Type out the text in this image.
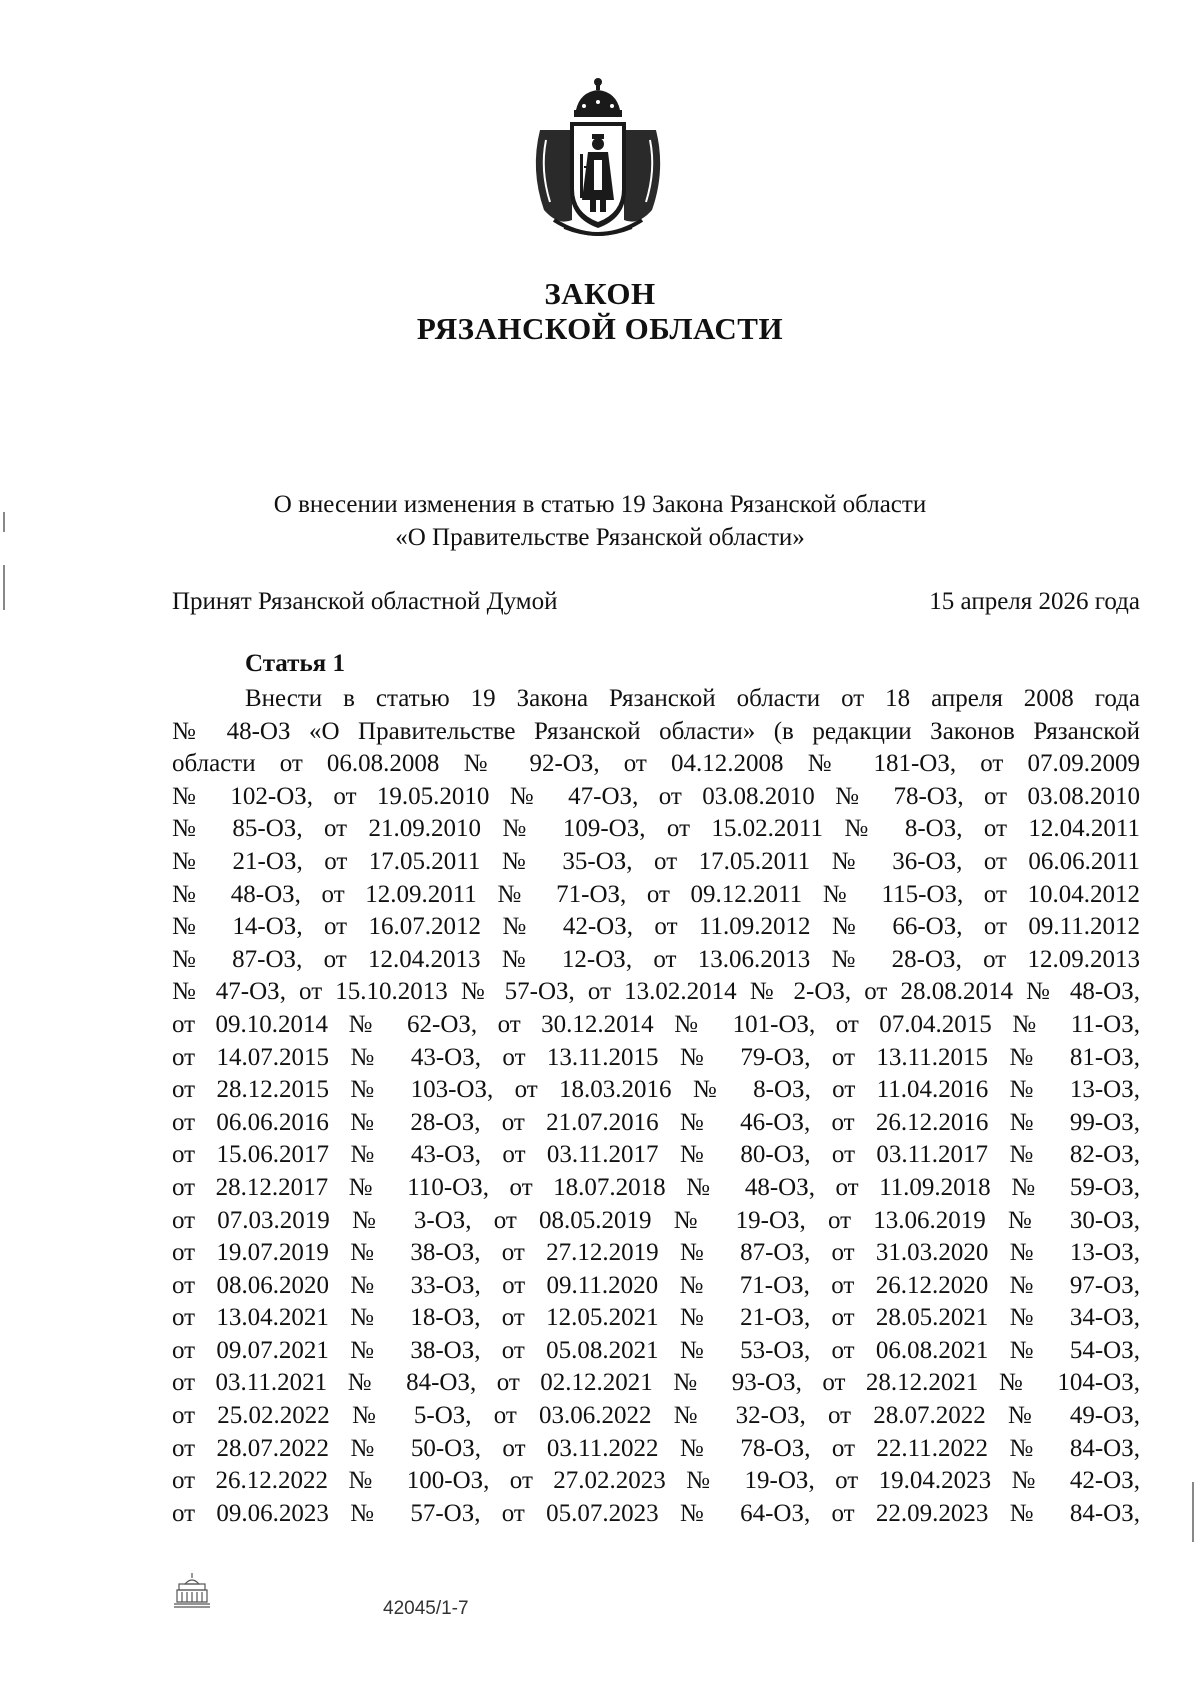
ЗАКОН
РЯЗАНСКОЙ ОБЛАСТИ
О внесении изменения в статью 19 Закона Рязанской области
«О Правительстве Рязанской области»
Принят Рязанской областной Думой	15 апреля 2026 года
Статья 1
Внести в статью 19 Закона Рязанской области от 18 апреля 2008 года
№ 48-ОЗ «О Правительстве Рязанской области» (в редакции Законов Рязанской
области от 06.08.2008 № 92-ОЗ, от 04.12.2008 № 181-ОЗ, от 07.09.2009
№ 102-ОЗ, от 19.05.2010 № 47-ОЗ, от 03.08.2010 № 78-ОЗ, от 03.08.2010
№ 85-ОЗ, от 21.09.2010 № 109-ОЗ, от 15.02.2011 № 8-ОЗ, от 12.04.2011
№ 21-ОЗ, от 17.05.2011 № 35-ОЗ, от 17.05.2011 № 36-ОЗ, от 06.06.2011
№ 48-ОЗ, от 12.09.2011 № 71-ОЗ, от 09.12.2011 № 115-ОЗ, от 10.04.2012
№ 14-ОЗ, от 16.07.2012 № 42-ОЗ, от 11.09.2012 № 66-ОЗ, от 09.11.2012
№ 87-ОЗ, от 12.04.2013 № 12-ОЗ, от 13.06.2013 № 28-ОЗ, от 12.09.2013
№ 47-ОЗ, от 15.10.2013 № 57-ОЗ, от 13.02.2014 № 2-ОЗ, от 28.08.2014 № 48-ОЗ,
от 09.10.2014 № 62-ОЗ, от 30.12.2014 № 101-ОЗ, от 07.04.2015 № 11-ОЗ,
от 14.07.2015 № 43-ОЗ, от 13.11.2015 № 79-ОЗ, от 13.11.2015 № 81-ОЗ,
от 28.12.2015 № 103-ОЗ, от 18.03.2016 № 8-ОЗ, от 11.04.2016 № 13-ОЗ,
от 06.06.2016 № 28-ОЗ, от 21.07.2016 № 46-ОЗ, от 26.12.2016 № 99-ОЗ,
от 15.06.2017 № 43-ОЗ, от 03.11.2017 № 80-ОЗ, от 03.11.2017 № 82-ОЗ,
от 28.12.2017 № 110-ОЗ, от 18.07.2018 № 48-ОЗ, от 11.09.2018 № 59-ОЗ,
от 07.03.2019 № 3-ОЗ, от 08.05.2019 № 19-ОЗ, от 13.06.2019 № 30-ОЗ,
от 19.07.2019 № 38-ОЗ, от 27.12.2019 № 87-ОЗ, от 31.03.2020 № 13-ОЗ,
от 08.06.2020 № 33-ОЗ, от 09.11.2020 № 71-ОЗ, от 26.12.2020 № 97-ОЗ,
от 13.04.2021 № 18-ОЗ, от 12.05.2021 № 21-ОЗ, от 28.05.2021 № 34-ОЗ,
от 09.07.2021 № 38-ОЗ, от 05.08.2021 № 53-ОЗ, от 06.08.2021 № 54-ОЗ,
от 03.11.2021 № 84-ОЗ, от 02.12.2021 № 93-ОЗ, от 28.12.2021 № 104-ОЗ,
от 25.02.2022 № 5-ОЗ, от 03.06.2022 № 32-ОЗ, от 28.07.2022 № 49-ОЗ,
от 28.07.2022 № 50-ОЗ, от 03.11.2022 № 78-ОЗ, от 22.11.2022 № 84-ОЗ,
от 26.12.2022 № 100-ОЗ, от 27.02.2023 № 19-ОЗ, от 19.04.2023 № 42-ОЗ,
от 09.06.2023 № 57-ОЗ, от 05.07.2023 № 64-ОЗ, от 22.09.2023 № 84-ОЗ,
42045/1-7
